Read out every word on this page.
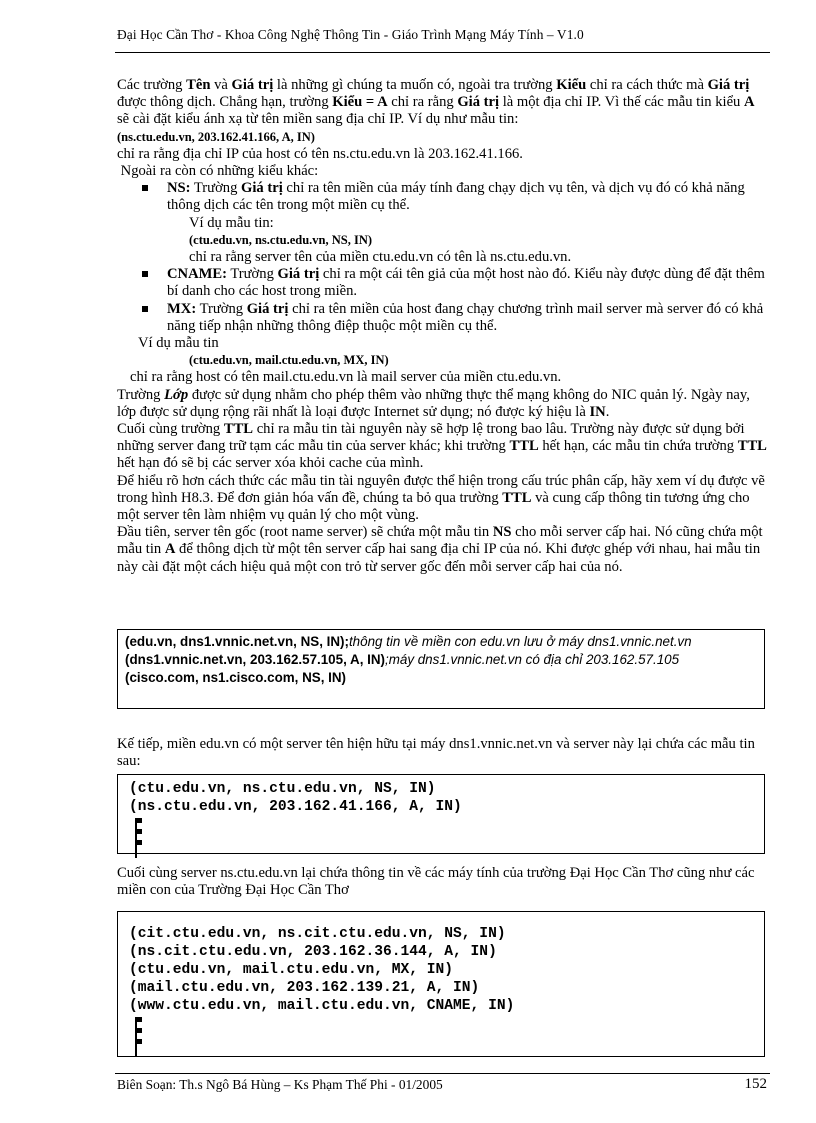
Đại Học Cần Thơ - Khoa Công Nghệ Thông Tin - Giáo Trình Mạng Máy Tính – V1.0

Các trường Tên và Giá trị là những gì chúng ta muốn có, ngoài tra trường Kiểu chỉ ra cách thức mà Giá trị được thông dịch. Chẳng hạn, trường Kiểu = A chỉ ra rằng Giá trị là một địa chỉ IP. Vì thế các mẫu tin kiểu A sẽ cài đặt kiểu ánh xạ từ tên miền sang địa chỉ IP. Ví dụ như mẫu tin:

(ns.ctu.edu.vn, 203.162.41.166, A, IN)

chỉ ra rằng địa chỉ IP của host có tên ns.ctu.edu.vn là 203.162.41.166.

Ngoài ra còn có những kiểu khác:

NS: Trường Giá trị chỉ ra tên miền của máy tính đang chạy dịch vụ tên, và dịch vụ đó có khả năng thông dịch các tên trong một miền cụ thể.

Ví dụ mẫu tin:

(ctu.edu.vn, ns.ctu.edu.vn, NS, IN)

chỉ ra rằng server tên của miền ctu.edu.vn có tên là ns.ctu.edu.vn.

CNAME: Trường Giá trị chỉ ra một cái tên giả của một host nào đó. Kiểu này được dùng để đặt thêm bí danh cho các host trong miền.
MX: Trường Giá trị chỉ ra tên miền của host đang chạy chương trình mail server mà server đó có khả năng tiếp nhận những thông điệp thuộc một miền cụ thể.

Ví dụ mẫu tin

(ctu.edu.vn, mail.ctu.edu.vn, MX, IN)

chỉ ra rằng host có tên mail.ctu.edu.vn là mail server của miền ctu.edu.vn.

Trường Lớp được sử dụng nhằm cho phép thêm vào những thực thể mạng không do NIC quản lý. Ngày nay, lớp được sử dụng rộng rãi nhất là loại được Internet sử dụng; nó được ký hiệu là IN.

Cuối cùng trường TTL chỉ ra mẫu tin tài nguyên này sẽ hợp lệ trong bao lâu. Trường này được sử dụng bởi những server đang trữ tạm các mẫu tin của server khác; khi trường TTL hết hạn, các mẫu tin chứa trường TTL hết hạn đó sẽ bị các server xóa khỏi cache của mình.

Để hiểu rõ hơn cách thức các mẫu tin tài nguyên được thể hiện trong cấu trúc phân cấp, hãy xem ví dụ được vẽ trong hình H8.3. Để đơn giản hóa vấn đề, chúng ta bỏ qua trường TTL và cung cấp thông tin tương ứng cho một server tên làm nhiệm vụ quản lý cho một vùng.

Đầu tiên, server tên gốc (root name server) sẽ chứa một mẫu tin NS cho mỗi server cấp hai. Nó cũng chứa một mẫu tin A để thông dịch từ một tên server cấp hai sang địa chỉ IP của nó. Khi được ghép với nhau, hai mẫu tin này cài đặt một cách hiệu quả một con trỏ từ server gốc đến mỗi server cấp hai của nó.

(edu.vn, dns1.vnnic.net.vn, NS, IN);thông tin về miền con edu.vn lưu ở máy dns1.vnnic.net.vn
(dns1.vnnic.net.vn, 203.162.57.105, A, IN);máy dns1.vnnic.net.vn có địa chỉ 203.162.57.105
(cisco.com, ns1.cisco.com, NS, IN)
Kế tiếp, miền edu.vn có một server tên hiện hữu tại máy dns1.vnnic.net.vn và server này lại chứa các mẫu tin sau:
(ctu.edu.vn, ns.ctu.edu.vn, NS, IN)
(ns.ctu.edu.vn, 203.162.41.166, A, IN)
Cuối cùng server ns.ctu.edu.vn lại chứa thông tin về các máy tính của trường Đại Học Cần Thơ cũng như các miền con của Trường Đại Học Cần Thơ
(cit.ctu.edu.vn, ns.cit.ctu.edu.vn, NS, IN)
(ns.cit.ctu.edu.vn, 203.162.36.144, A, IN)
(ctu.edu.vn, mail.ctu.edu.vn, MX, IN)
(mail.ctu.edu.vn, 203.162.139.21, A, IN)
(www.ctu.edu.vn, mail.ctu.edu.vn, CNAME, IN)
Biên Soạn: Th.s Ngô Bá Hùng – Ks Phạm Thế Phi - 01/2005	152
